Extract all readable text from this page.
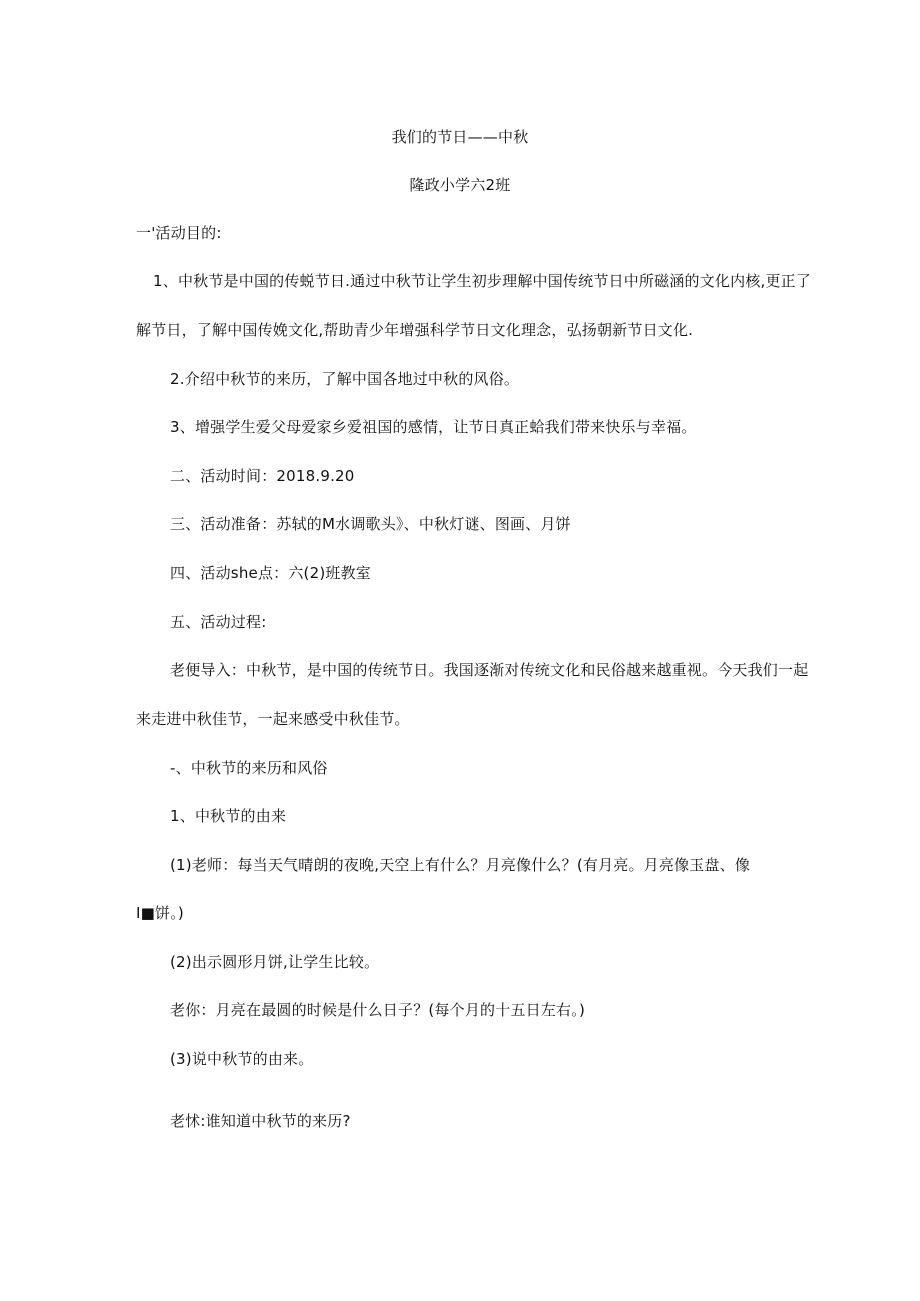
我们的节日——中秋
隆政小学六2班
一'活动目的:
1、中秋节是中国的传蜕节日.通过中秋节让学生初步理解中国传统节日中所磁涵的文化内核,更正了
解节日，了解中国传娩文化,帮助青少年增强科学节日文化理念，弘扬朝新节日文化.
2.介绍中秋节的来历，了解中国各地过中秋的风俗。
3、增强学生爱父母爱家乡爱祖国的感情，让节日真正蛤我们带来快乐与幸福。
二、活动时间：2018.9.20
三、活动准备：苏轼的M水调歌头》、中秋灯谜、图画、月饼
四、活动she点：六(2)班教室
五、活动过程:
老便导入：中秋节，是中国的传统节日。我国逐渐对传统文化和民俗越来越重视。今天我们一起
来走进中秋佳节，一起来感受中秋佳节。
-、中秋节的来历和风俗
1、中秋节的由来
(1)老师：每当天气晴朗的夜晚,天空上有什么？月亮像什么？(有月亮。月亮像玉盘、像
I■饼。)
(2)出示圆形月饼,让学生比较。
老你：月亮在最圆的时候是什么日子？(每个月的十五日左右。)
(3)说中秋节的由来。
老怵:谁知道中秋节的来历?
